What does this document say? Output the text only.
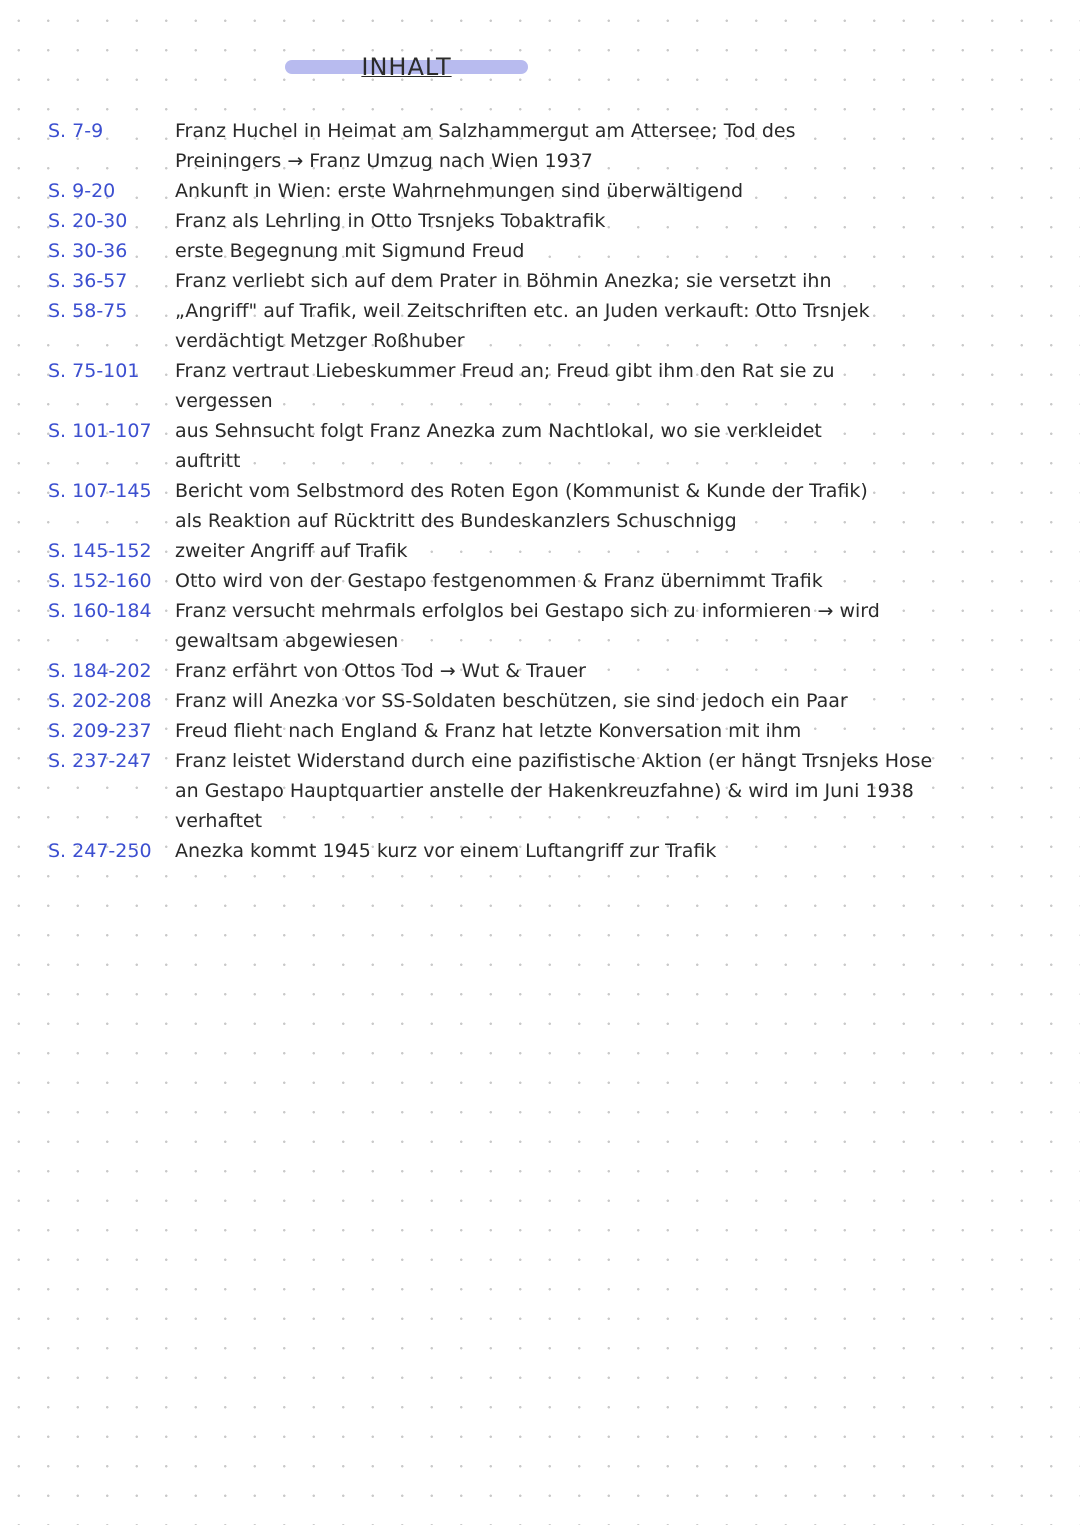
INHALT
S. 7-9	Franz Huchel in Heimat am Salzhammergut am Attersee; Tod des
Preiningers → Franz Umzug nach Wien 1937
S. 9-20	Ankunft in Wien: erste Wahrnehmungen sind überwältigend
S. 20-30	Franz als Lehrling in Otto Trsnjeks Tobaktrafik
S. 30-36	erste Begegnung mit Sigmund Freud
S. 36-57	Franz verliebt sich auf dem Prater in Böhmin Anezka; sie versetzt ihn
S. 58-75	„Angriff" auf Trafik, weil Zeitschriften etc. an Juden verkauft: Otto Trsnjek
verdächtigt Metzger Roßhuber
S. 75-101	Franz vertraut Liebeskummer Freud an; Freud gibt ihm den Rat sie zu
vergessen
S. 101-107	aus Sehnsucht folgt Franz Anezka zum Nachtlokal, wo sie verkleidet
auftritt
S. 107-145	Bericht vom Selbstmord des Roten Egon (Kommunist & Kunde der Trafik)
als Reaktion auf Rücktritt des Bundeskanzlers Schuschnigg
S. 145-152	zweiter Angriff auf Trafik
S. 152-160	Otto wird von der Gestapo festgenommen & Franz übernimmt Trafik
S. 160-184	Franz versucht mehrmals erfolglos bei Gestapo sich zu informieren → wird
gewaltsam abgewiesen
S. 184-202	Franz erfährt von Ottos Tod → Wut & Trauer
S. 202-208	Franz will Anezka vor SS-Soldaten beschützen, sie sind jedoch ein Paar
S. 209-237	Freud flieht nach England & Franz hat letzte Konversation mit ihm
S. 237-247	Franz leistet Widerstand durch eine pazifistische Aktion (er hängt Trsnjeks Hose
an Gestapo Hauptquartier anstelle der Hakenkreuzfahne) & wird im Juni 1938
verhaftet
S. 247-250	Anezka kommt 1945 kurz vor einem Luftangriff zur Trafik
